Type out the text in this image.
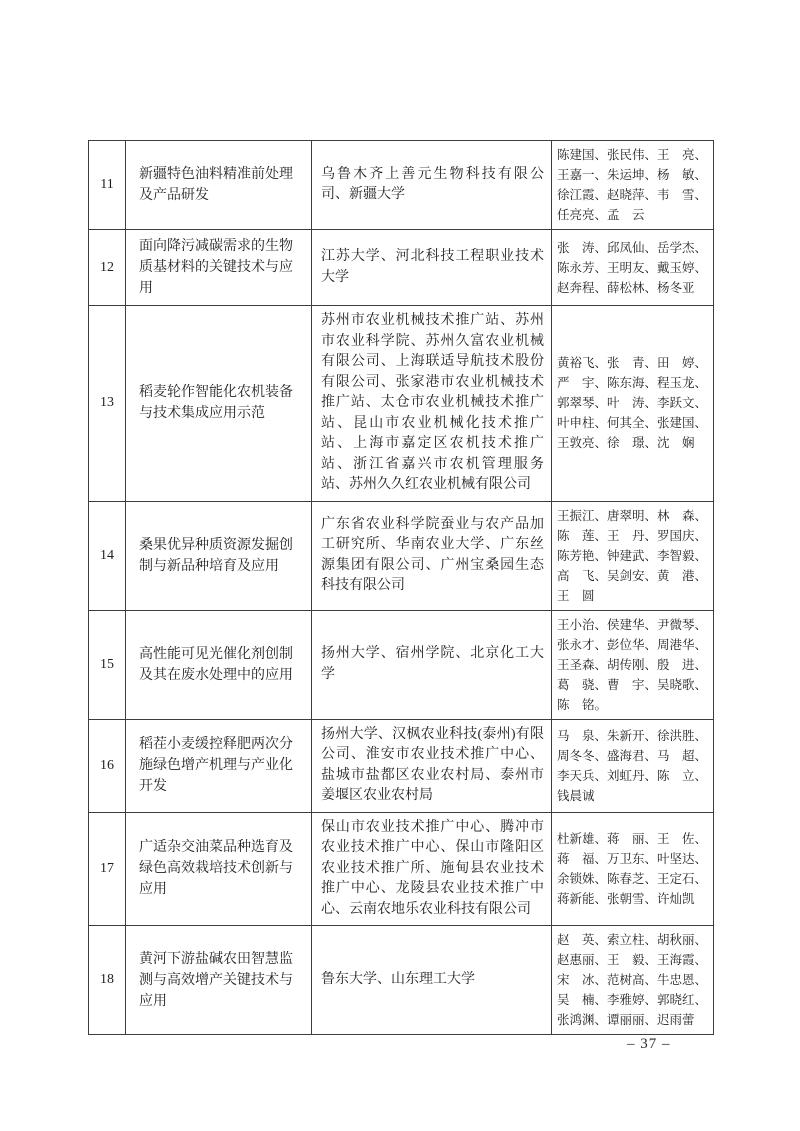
11	新疆特色油料精准前处理及产品研发	乌鲁木齐上善元生物科技有限公司、新疆大学	陈建国、张民伟、王　亮、王嘉一、朱运坤、杨　敏、徐江霞、赵晓萍、韦　雪、任亮亮、孟　云
12	面向降污减碳需求的生物质基材料的关键技术与应用	江苏大学、河北科技工程职业技术大学	张　涛、邱凤仙、岳学杰、陈永芳、王明友、戴玉婷、赵奔程、薛松林、杨冬亚
13	稻麦轮作智能化农机装备与技术集成应用示范	苏州市农业机械技术推广站、苏州市农业科学院、苏州久富农业机械有限公司、上海联适导航技术股份有限公司、张家港市农业机械技术推广站、太仓市农业机械技术推广站、昆山市农业机械化技术推广站、上海市嘉定区农机技术推广站、浙江省嘉兴市农机管理服务站、苏州久久红农业机械有限公司	黄裕飞、张　青、田　婷、严　宇、陈东海、程玉龙、郭翠琴、叶　涛、李跃文、叶申柱、何其全、张建国、王敦亮、徐　璟、沈　娴
14	桑果优异种质资源发掘创制与新品种培育及应用	广东省农业科学院蚕业与农产品加工研究所、华南农业大学、广东丝源集团有限公司、广州宝桑园生态科技有限公司	王振江、唐翠明、林　森、陈　莲、王　丹、罗国庆、陈芳艳、钟建武、李智毅、高　飞、吴剑安、黄　港、王　圆
15	高性能可见光催化剂创制及其在废水处理中的应用	扬州大学、宿州学院、北京化工大学	王小治、侯建华、尹微琴、张永才、彭位华、周港华、王圣森、胡传刚、殷　进、葛　骁、曹　宇、吴晓歌、陈　铭。
16	稻茬小麦缓控释肥两次分施绿色增产机理与产业化开发	扬州大学、汉枫农业科技(泰州)有限公司、淮安市农业技术推广中心、盐城市盐都区农业农村局、泰州市姜堰区农业农村局	马　泉、朱新开、徐洪胜、周冬冬、盛海君、马　超、李天兵、刘虹丹、陈　立、钱晨诚
17	广适杂交油菜品种选育及绿色高效栽培技术创新与应用	保山市农业技术推广中心、腾冲市农业技术推广中心、保山市隆阳区农业技术推广所、施甸县农业技术推广中心、龙陵县农业技术推广中心、云南农地乐农业科技有限公司	杜新雄、蒋　丽、王　佐、蒋　福、万卫东、叶坚达、余锁姝、陈春芝、王定石、蒋新能、张朝雪、许灿凯
18	黄河下游盐碱农田智慧监测与高效增产关键技术与应用	鲁东大学、山东理工大学	赵　英、索立柱、胡秋丽、赵惠丽、王　毅、王海霞、宋　冰、范树高、牛忠恩、吴　楠、李雅婷、郭晓红、张鸿渊、谭丽丽、迟雨蕾
– 37 –
